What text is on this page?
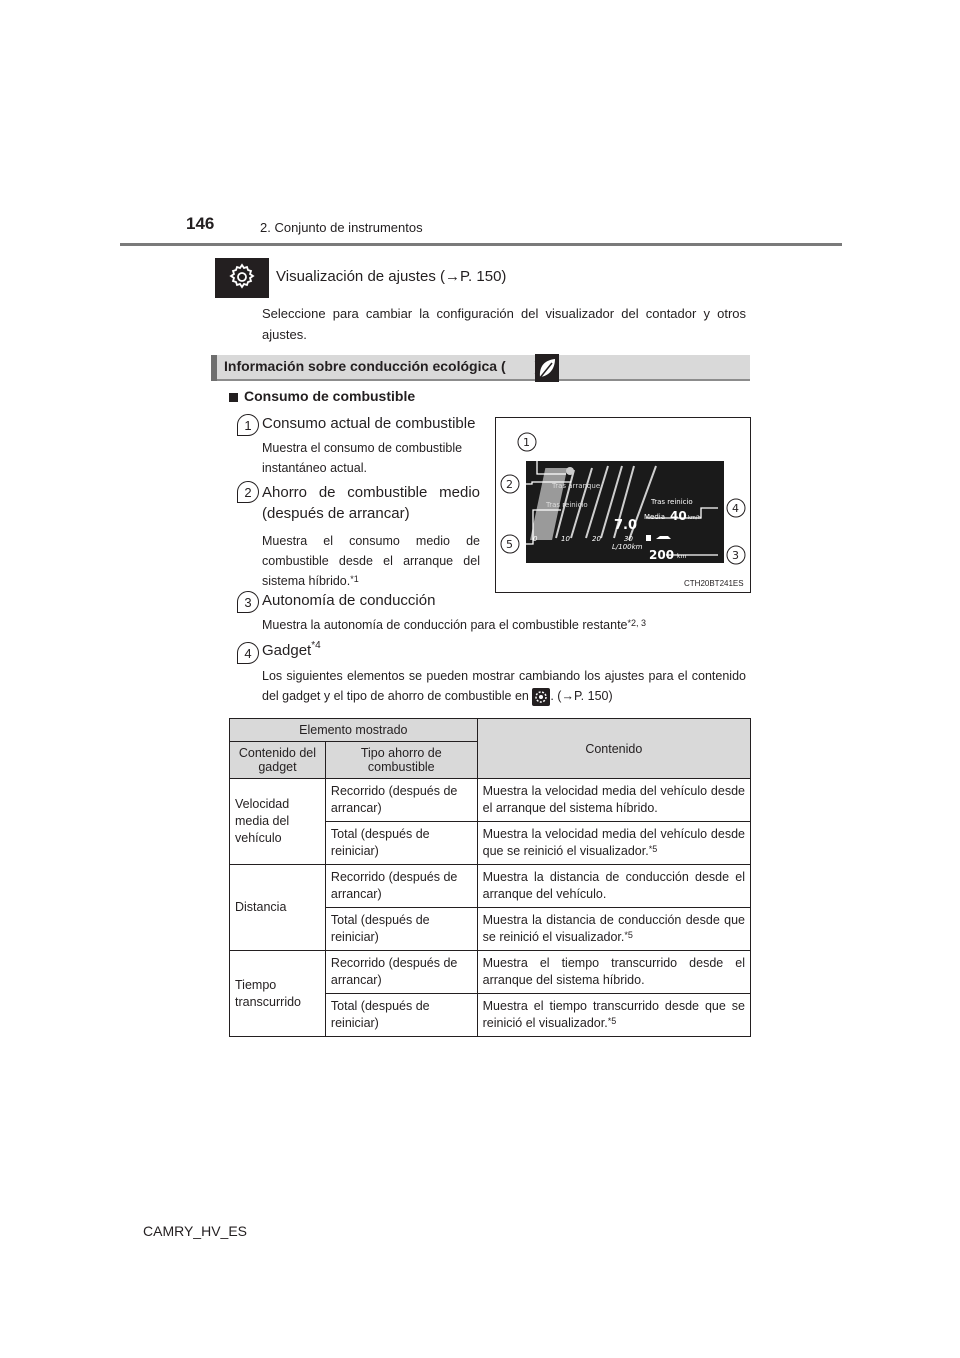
146	2. Conjunto de instrumentos
Visualización de ajustes (→P. 150)
Seleccione para cambiar la configuración del visualizador del contador y otros ajustes.
Información sobre conducción ecológica (
Consumo de combustible
1 Consumo actual de combustible
Muestra el consumo de combustible instantáneo actual.
2 Ahorro de combustible medio (después de arrancar)
Muestra el consumo medio de combustible desde el arranque del sistema híbrido.$^{*1}$
3 Autonomía de conducción
Muestra la autonomía de conducción para el combustible restante$^{*2, 3}$
4 Gadget$^{*4}$
Los siguientes elementos se pueden mostrar cambiando los ajustes para el contenido del gadget y el tipo de ahorro de combustible en . (→P. 150)
Tras arranque
Tras reinicio	Tras reinicio
Media 40 km/h
7.0
L/100km
0	10	20	30
200 km
1
2
4
5
3
CTH20BT241ES
Elemento mostrado		Contenido
Contenido del gadget	Tipo ahorro de combustible	
Velocidad media del vehículo	Recorrido (después de arrancar)	Muestra la velocidad media del vehículo desde el arranque del sistema híbrido.
	Total (después de reiniciar)	Muestra la velocidad media del vehículo desde que se reinició el visualizador.$^{*5}$
Distancia	Recorrido (después de arrancar)	Muestra la distancia de conducción desde el arranque del vehículo.
	Total (después de reiniciar)	Muestra la distancia de conducción desde que se reinició el visualizador.$^{*5}$
Tiempo transcurrido	Recorrido (después de arrancar)	Muestra el tiempo transcurrido desde el arranque del sistema híbrido.
	Total (después de reiniciar)	Muestra el tiempo transcurrido desde que se reinició el visualizador.$^{*5}$
CAMRY_HV_ES
